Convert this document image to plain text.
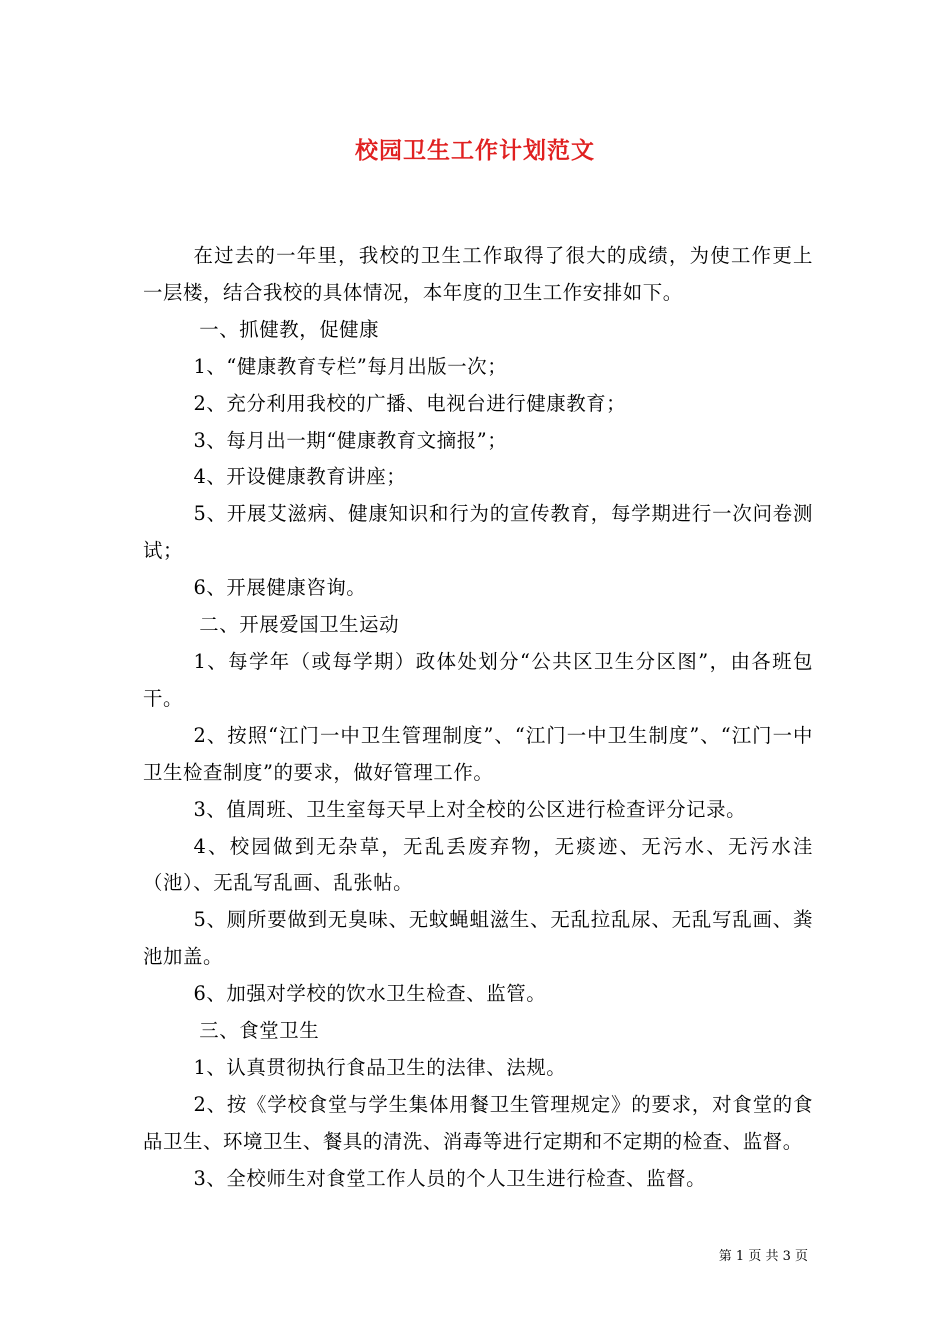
校园卫生工作计划范文

在过去的一年里，我校的卫生工作取得了很大的成绩，为使工作更上一层楼，结合我校的具体情况，本年度的卫生工作安排如下。

一、抓健教，促健康

1、“健康教育专栏”每月出版一次；

2、充分利用我校的广播、电视台进行健康教育；

3、每月出一期“健康教育文摘报”；

4、开设健康教育讲座；

5、开展艾滋病、健康知识和行为的宣传教育，每学期进行一次问卷测试；

6、开展健康咨询。

二、开展爱国卫生运动

1、每学年（或每学期）政体处划分“公共区卫生分区图”，由各班包干。

2、按照“江门一中卫生管理制度”、“江门一中卫生制度”、“江门一中卫生检查制度”的要求，做好管理工作。

3、值周班、卫生室每天早上对全校的公区进行检查评分记录。

4、校园做到无杂草，无乱丢废弃物，无痰迹、无污水、无污水洼（池）、无乱写乱画、乱张帖。

5、厕所要做到无臭味、无蚊蝇蛆滋生、无乱拉乱尿、无乱写乱画、粪池加盖。

6、加强对学校的饮水卫生检查、监管。

三、食堂卫生

1、认真贯彻执行食品卫生的法律、法规。

2、按《学校食堂与学生集体用餐卫生管理规定》的要求，对食堂的食品卫生、环境卫生、餐具的清洗、消毒等进行定期和不定期的检查、监督。

3、全校师生对食堂工作人员的个人卫生进行检查、监督。

第 1 页 共 3 页
